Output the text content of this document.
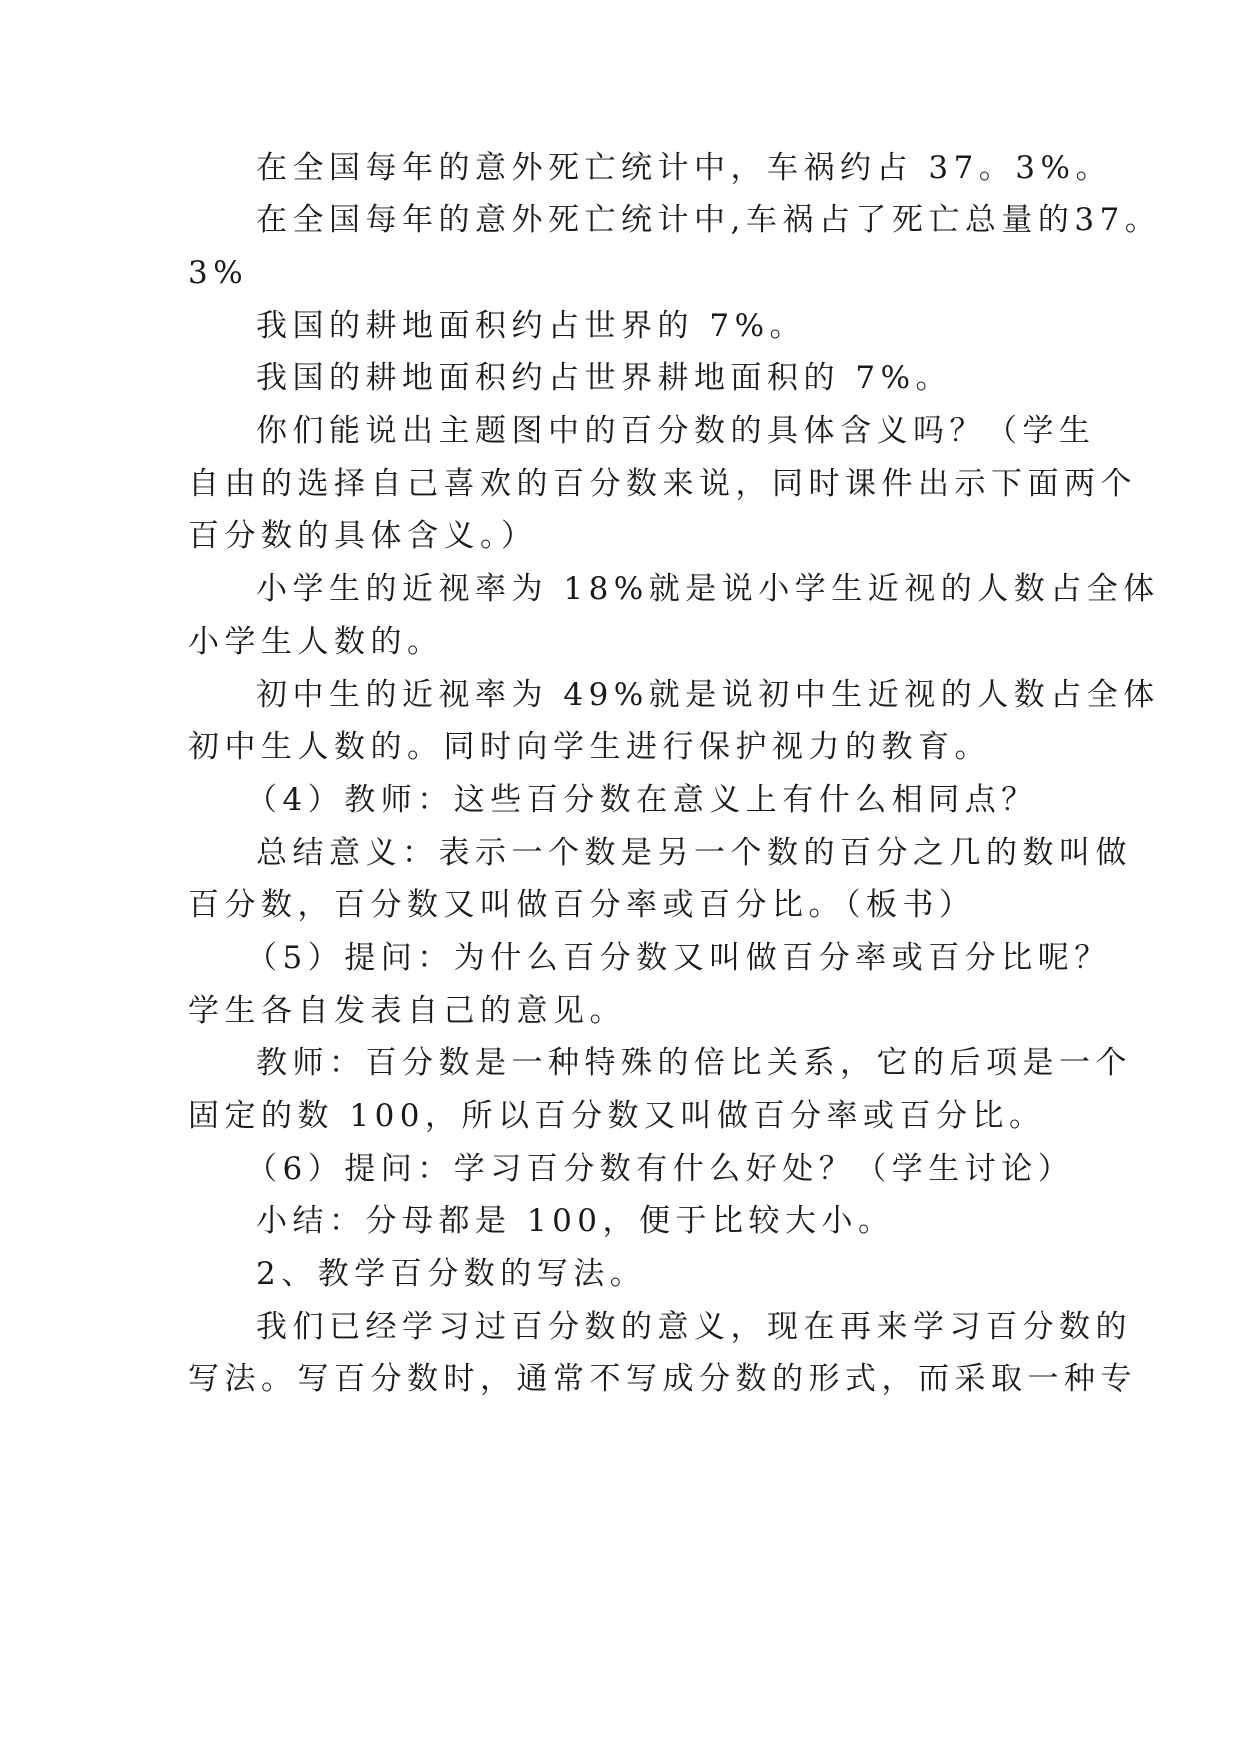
在全国每年的意外死亡统计中，车祸约占 37。3%。
在全国每年的意外死亡统计中,车祸占了死亡总量的37。
3%
我国的耕地面积约占世界的 7%。
我国的耕地面积约占世界耕地面积的 7%。
你们能说出主题图中的百分数的具体含义吗？（学生
自由的选择自己喜欢的百分数来说，同时课件出示下面两个
百分数的具体含义。）
小学生的近视率为 18%就是说小学生近视的人数占全体
小学生人数的。
初中生的近视率为 49%就是说初中生近视的人数占全体
初中生人数的。同时向学生进行保护视力的教育。
（4）教师：这些百分数在意义上有什么相同点？
总结意义：表示一个数是另一个数的百分之几的数叫做
百分数，百分数又叫做百分率或百分比。（板书）
（5）提问：为什么百分数又叫做百分率或百分比呢？
学生各自发表自己的意见。
教师：百分数是一种特殊的倍比关系，它的后项是一个
固定的数 100，所以百分数又叫做百分率或百分比。
（6）提问：学习百分数有什么好处？（学生讨论）
小结：分母都是 100，便于比较大小。
2、教学百分数的写法。
我们已经学习过百分数的意义，现在再来学习百分数的
写法。写百分数时，通常不写成分数的形式，而采取一种专
